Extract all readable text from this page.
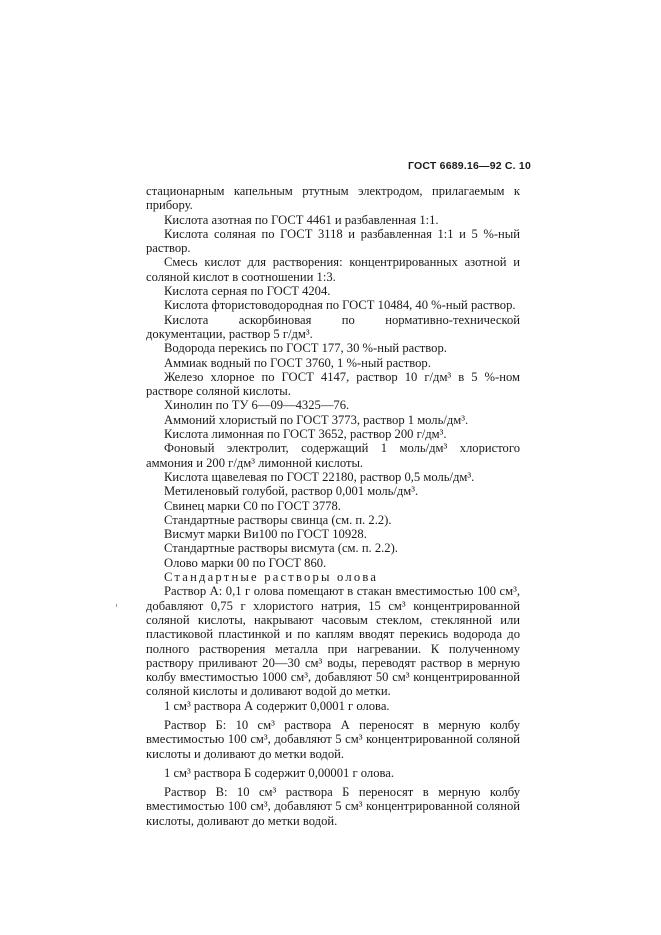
ГОСТ 6689.16—92 С. 10

стационарным капельным ртутным электродом, прилагаемым к прибору.

Кислота азотная по ГОСТ 4461 и разбавленная 1:1.

Кислота соляная по ГОСТ 3118 и разбавленная 1:1 и 5 %-ный раствор.

Смесь кислот для растворения: концентрированных азотной и соляной кислот в соотношении 1:3.

Кислота серная по ГОСТ 4204.

Кислота фтористоводородная по ГОСТ 10484, 40 %-ный раствор.

Кислота аскорбиновая по нормативно-технической документации, раствор 5 г/дм³.

Водорода перекись по ГОСТ 177, 30 %-ный раствор.

Аммиак водный по ГОСТ 3760, 1 %-ный раствор.

Железо хлорное по ГОСТ 4147, раствор 10 г/дм³ в 5 %-ном растворе соляной кислоты.

Хинолин по ТУ 6—09—4325—76.

Аммоний хлористый по ГОСТ 3773, раствор 1 моль/дм³.

Кислота лимонная по ГОСТ 3652, раствор 200 г/дм³.

Фоновый электролит, содержащий 1 моль/дм³ хлористого аммония и 200 г/дм³ лимонной кислоты.

Кислота щавелевая по ГОСТ 22180, раствор 0,5 моль/дм³.

Метиленовый голубой, раствор 0,001 моль/дм³.

Свинец марки С0 по ГОСТ 3778.

Стандартные растворы свинца (см. п. 2.2).

Висмут марки Ви100 по ГОСТ 10928.

Стандартные растворы висмута (см. п. 2.2).

Олово марки 00 по ГОСТ 860.

Стандартные растворы олова

Раствор А: 0,1 г олова помещают в стакан вместимостью 100 см³, добавляют 0,75 г хлористого натрия, 15 см³ концентрированной соляной кислоты, накрывают часовым стеклом, стеклянной или пластиковой пластинкой и по каплям вводят перекись водорода до полного растворения металла при нагревании. К полученному раствору приливают 20—30 см³ воды, переводят раствор в мерную колбу вместимостью 1000 см³, добавляют 50 см³ концентрированной соляной кислоты и доливают водой до метки.

1 см³ раствора А содержит 0,0001 г олова.

Раствор Б: 10 см³ раствора А переносят в мерную колбу вместимостью 100 см³, добавляют 5 см³ концентрированной соляной кислоты и доливают до метки водой.

1 см³ раствора Б содержит 0,00001 г олова.

Раствор В: 10 см³ раствора Б переносят в мерную колбу вместимостью 100 см³, добавляют 5 см³ концентрированной соляной кислоты, доливают до метки водой.
